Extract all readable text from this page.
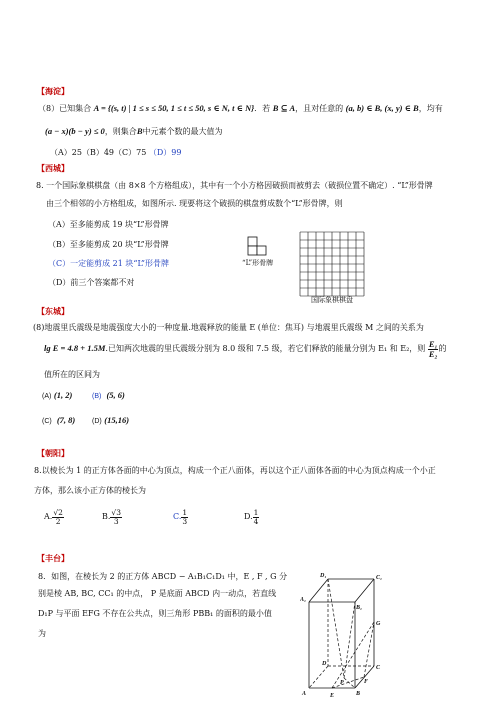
【海淀】
（8）已知集合 A = {(s, t) | 1 ≤ s ≤ 50, 1 ≤ t ≤ 50, s ∈ N, t ∈ N}．若 B ⊆ A，且对任意的 (a, b) ∈ B, (x, y) ∈ B，均有
(a − x)(b − y) ≤ 0，则集合B中元素个数的最大值为
（A）25（B）49（C）75 （D）99
【西城】
8. 一个国际象棋棋盘（由 8×8 个方格组成），其中有一个小方格因破损而被剪去（破损位置不确定）. “L”形骨牌
由三个相邻的小方格组成，如图所示. 现要将这个破损的棋盘剪成数个“L”形骨牌，则
（A）至多能剪成 19 块“L”形骨牌
（B）至多能剪成 20 块“L”形骨牌
（C）一定能剪成 21 块“L”形骨牌
（D）前三个答案都不对
“L”形骨牌
国际象棋棋盘
【东城】
(8)地震里氏震级是地震强度大小的一种度量.地震释放的能量 E (单位：焦耳) 与地震里氏震级 M 之间的关系为
lg E = 4.8 + 1.5M.已知两次地震的里氏震级分别为 8.0 级和 7.5 级，若它们释放的能量分别为 E₁ 和 E₂，则 $\frac{\text{E₁}}{\text{E₂}}$ 的
值所在的区间为
(A) (1, 2)	(B) (5, 6)
(C) (7, 8) (D) (15,16)
【朝阳】
8.以棱长为 1 的正方体各面的中心为顶点，构成一个正八面体，再以这个正八面体各面的中心为顶点构成一个小正
方体，那么该小正方体的棱长为
A. $\frac{√2}{2}$	B. $\frac{√3}{3}$	C. $\frac{1}{3}$	D. $\frac{1}{4}$
【丰台】
8．如图，在棱长为 2 的正方体 ABCD − A₁B₁C₁D₁ 中，E , F , G 分
别是棱 AB, BC, CC₁ 的中点， P 是底面 ABCD 内一动点，若直线
D₁P 与平面 EFG 不存在公共点，则三角形 PBB₁ 的面积的最小值
为
D₁	C₁
A₁
B₁
G
D
C
F
P
A	E	B
